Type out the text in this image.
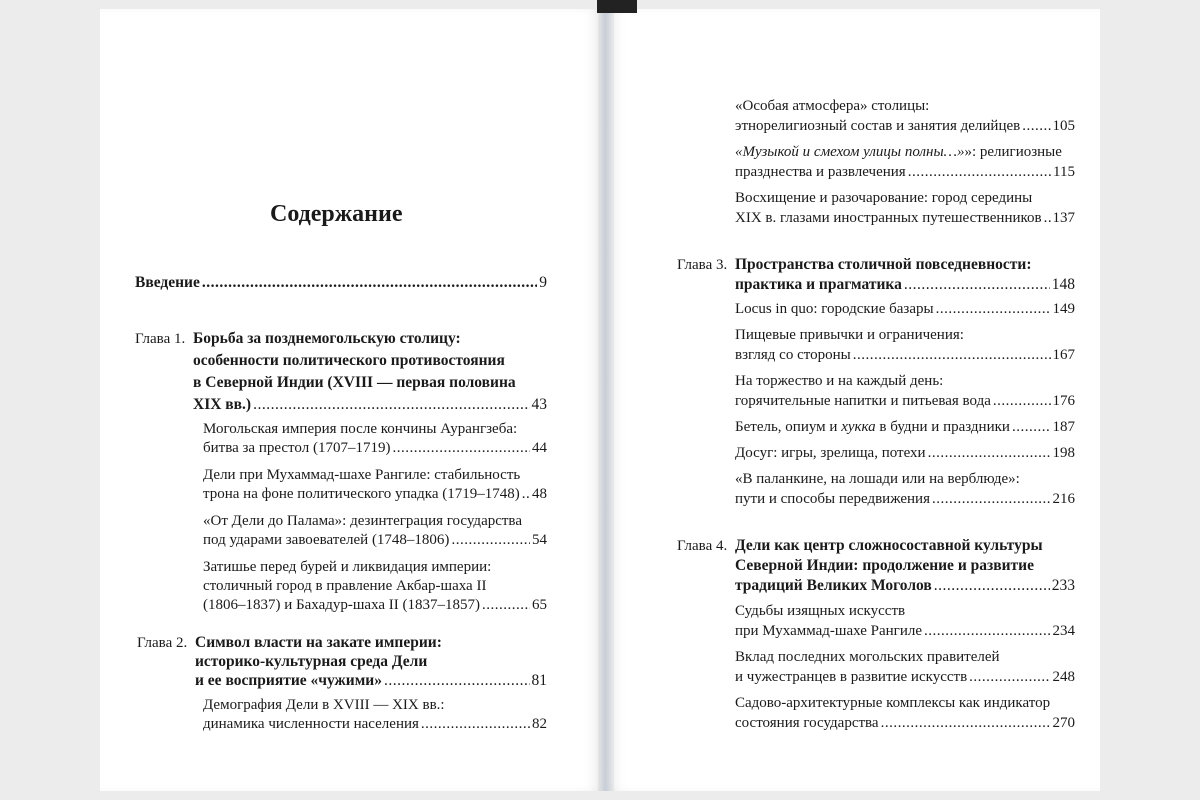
Содержание
Введение .....	9
Глава 1. Борьба за позднемогольскую столицу:
особенности политического противостояния
в Северной Индии (XVIII — первая половина
XIX вв.) .....	43
Могольская империя после кончины Аурангзеба:
битва за престол (1707–1719) .....	44
Дели при Мухаммад-шахе Рангиле: стабильность
трона на фоне политического упадка (1719–1748) ..... 48
«От Дели до Палама»: дезинтеграция государства
под ударами завоевателей (1748–1806) .....	54
Затишье перед бурей и ликвидация империи:
столичный город в правление Акбар-шаха II
(1806–1837) и Бахадур-шаха II (1837–1857) .....	65
Глава 2. Символ власти на закате империи:
историко-культурная среда Дели
и ее восприятие «чужими» .....	81
Демография Дели в XVIII — XIX вв.:
динамика численности населения .....	82
«Особая атмосфера» столицы:
этнорелигиозный состав и занятия делийцев ..... 105
«Музыкой и смехом улицы полны…»»: религиозные
празднества и развлечения .....	115
Восхищение и разочарование: город середины
XIX в. глазами иностранных путешественников ..... 137
Глава 3. Пространства столичной повседневности:
практика и прагматика .....	148
Locus in quo: городские базары .....	149
Пищевые привычки и ограничения:
взгляд со стороны .....	167
На торжество и на каждый день:
горячительные напитки и питьевая вода .....	176
Бетель, опиум и хукка в будни и праздники .....	187
Досуг: игры, зрелища, потехи .....	198
«В паланкине, на лошади или на верблюде»:
пути и способы передвижения .....	216
Глава 4. Дели как центр сложносоставной культуры
Северной Индии: продолжение и развитие
традиций Великих Моголов .....	233
Судьбы изящных искусств
при Мухаммад-шахе Рангиле .....	234
Вклад последних могольских правителей
и чужестранцев в развитие искусств .....	248
Садово-архитектурные комплексы как индикатор
состояния государства .....	270
